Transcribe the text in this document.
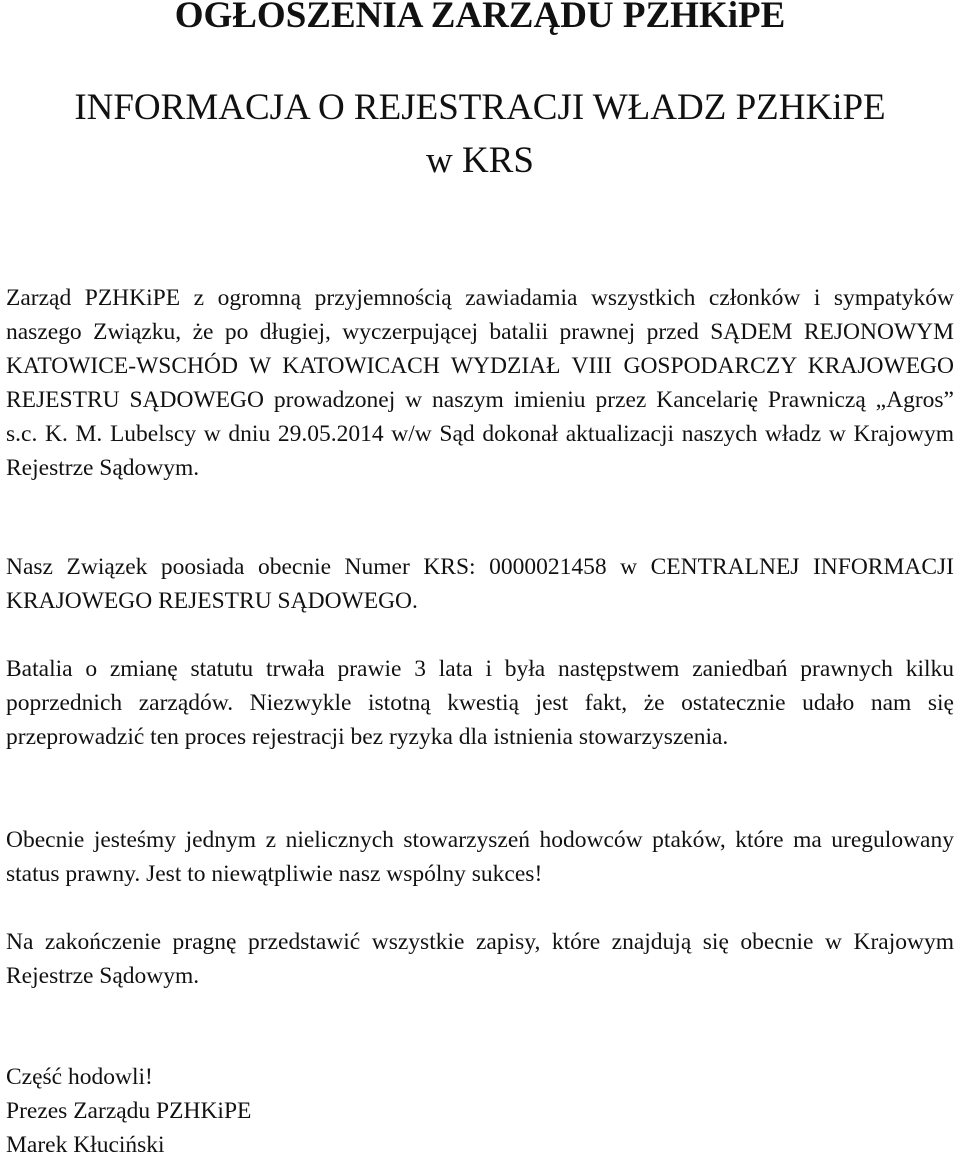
OGŁOSZENIA ZARZĄDU PZHKiPE
INFORMACJA O REJESTRACJI WŁADZ PZHKiPE
w KRS

Zarząd PZHKiPE z ogromną przyjemnością zawiadamia wszystkich członków i sympatyków naszego Związku, że po długiej, wyczerpującej batalii prawnej przed SĄDEM REJONOWYM KATOWICE-WSCHÓD W KATOWICACH WYDZIAŁ VIII GOSPODARCZY KRAJOWEGO REJESTRU SĄDOWEGO prowadzonej w naszym imieniu przez Kancelarię Prawniczą „Agros” s.c. K. M. Lubelscy w dniu 29.05.2014 w/w Sąd dokonał aktualizacji naszych władz w Krajowym Rejestrze Sądowym.

Nasz Związek poosiada obecnie Numer KRS: 0000021458 w CENTRALNEJ INFORMACJI KRAJOWEGO REJESTRU SĄDOWEGO.

Batalia o zmianę statutu trwała prawie 3 lata i była następstwem zaniedbań prawnych kilku poprzednich zarządów. Niezwykle istotną kwestią jest fakt, że ostatecznie udało nam się przeprowadzić ten proces rejestracji bez ryzyka dla istnienia stowarzyszenia.

Obecnie jesteśmy jednym z nielicznych stowarzyszeń hodowców ptaków, które ma uregulowany status prawny. Jest to niewątpliwie nasz wspólny sukces!

Na zakończenie pragnę przedstawić wszystkie zapisy, które znajdują się obecnie w Krajowym Rejestrze Sądowym.

Część hodowli!
Prezes Zarządu PZHKiPE
Marek Kłuciński
